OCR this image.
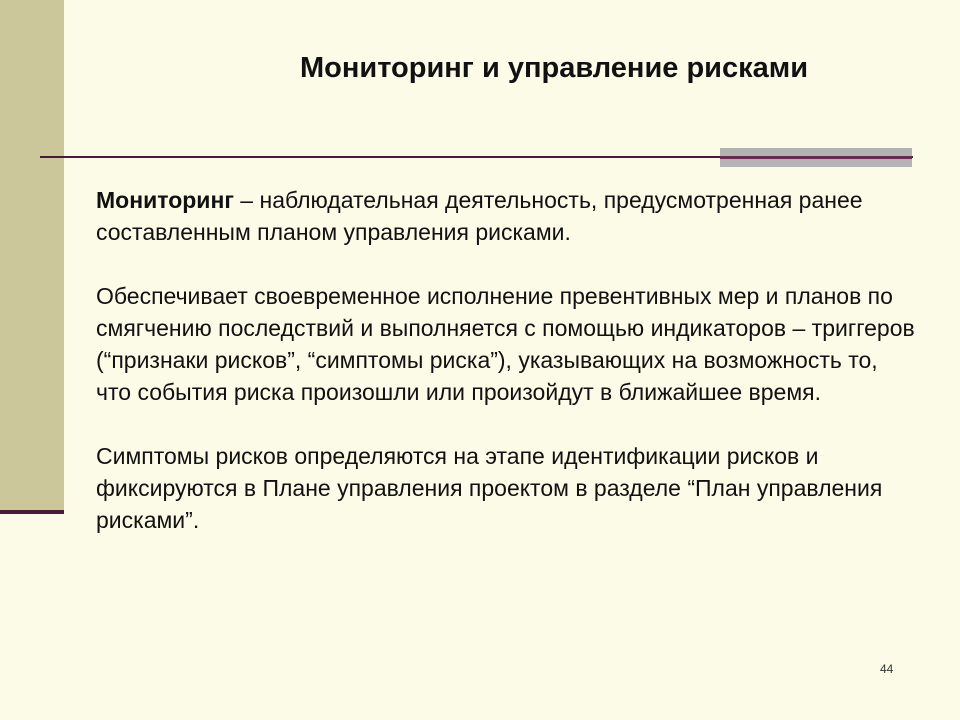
Мониторинг и управление рисками

Мониторинг – наблюдательная деятельность, предусмотренная ранее составленным планом управления рисками.

Обеспечивает своевременное исполнение превентивных мер и планов по смягчению последствий и выполняется с помощью индикаторов – триггеров (“признаки рисков”, “симптомы риска”), указывающих на возможность то, что события риска произошли или произойдут в ближайшее время.

Симптомы рисков определяются на этапе идентификации рисков и фиксируются в Плане управления проектом в разделе “План управления рисками”.

44
